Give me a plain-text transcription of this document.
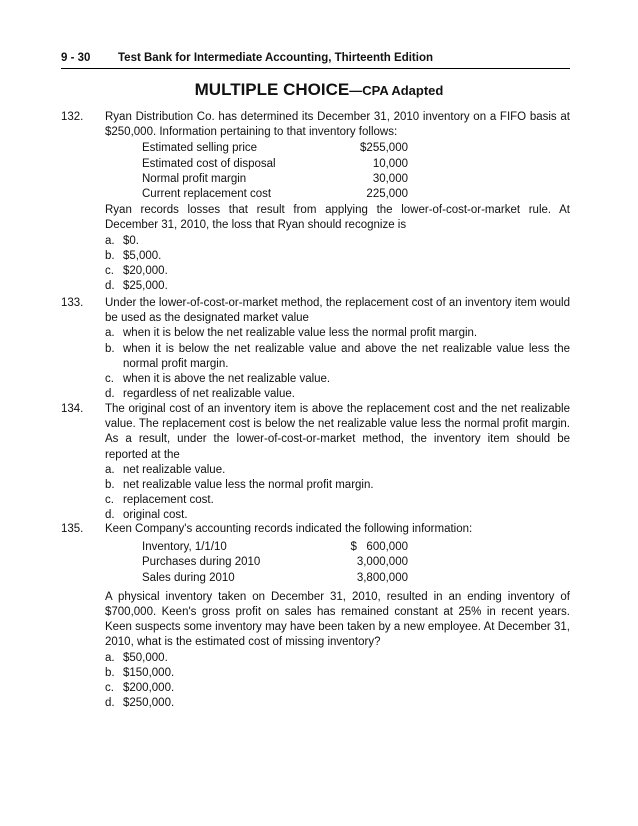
9 - 30 Test Bank for Intermediate Accounting, Thirteenth Edition
MULTIPLE CHOICE—CPA Adapted
132. Ryan Distribution Co. has determined its December 31, 2010 inventory on a FIFO basis at $250,000. Information pertaining to that inventory follows:
Estimated selling price	$255,000
Estimated cost of disposal	10,000
Normal profit margin	30,000
Current replacement cost	225,000
Ryan records losses that result from applying the lower-of-cost-or-market rule. At December 31, 2010, the loss that Ryan should recognize is
a. $0.
b. $5,000.
c. $20,000.
d. $25,000.
133. Under the lower-of-cost-or-market method, the replacement cost of an inventory item would be used as the designated market value
a. when it is below the net realizable value less the normal profit margin.
b. when it is below the net realizable value and above the net realizable value less the normal profit margin.
c. when it is above the net realizable value.
d. regardless of net realizable value.
134. The original cost of an inventory item is above the replacement cost and the net realizable value. The replacement cost is below the net realizable value less the normal profit margin. As a result, under the lower-of-cost-or-market method, the inventory item should be reported at the
a. net realizable value.
b. net realizable value less the normal profit margin.
c. replacement cost.
d. original cost.
135. Keen Company's accounting records indicated the following information:
Inventory, 1/1/10	$   600,000
Purchases during 2010	3,000,000
Sales during 2010	3,800,000
A physical inventory taken on December 31, 2010, resulted in an ending inventory of $700,000. Keen's gross profit on sales has remained constant at 25% in recent years. Keen suspects some inventory may have been taken by a new employee. At December 31, 2010, what is the estimated cost of missing inventory?
a. $50,000.
b. $150,000.
c. $200,000.
d. $250,000.
